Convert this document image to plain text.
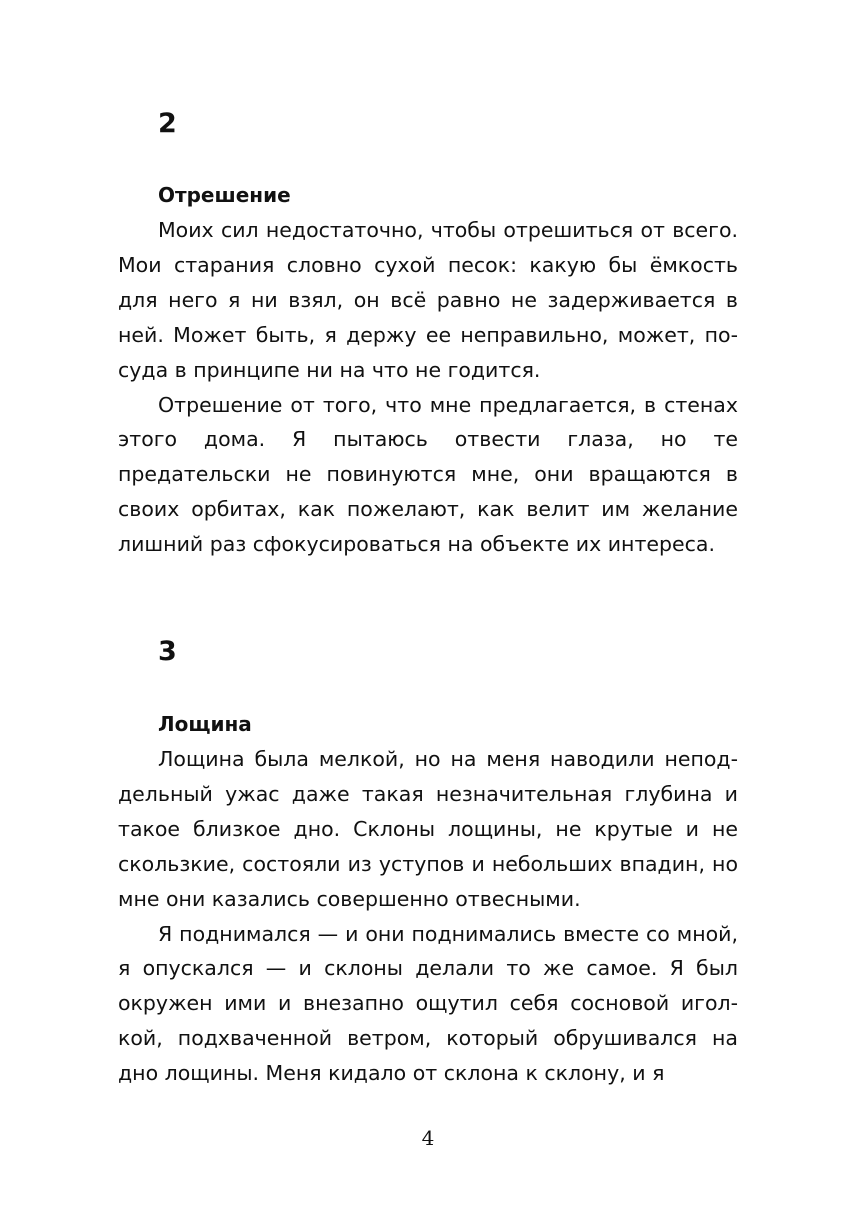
2
Отрешение

Моих сил недостаточно, чтобы отрешиться от всего. Мои старания словно сухой песок: какую бы ёмкость для него я ни взял, он всё равно не задерживается в ней. Может быть, я держу ее неправильно, может, посуда в принципе ни на что не годится.

Отрешение от того, что мне предлагается, в стенах этого дома. Я пытаюсь отвести глаза, но те предательски не повинуются мне, они вращаются в своих орбитах, как пожелают, как велит им желание лишний раз сфокусироваться на объекте их интереса.

3
Лощина

Лощина была мелкой, но на меня наводили неподдельный ужас даже такая незначительная глубина и такое близкое дно. Склоны лощины, не крутые и не скользкие, состояли из уступов и небольших впадин, но мне они казались совершенно отвесными.

Я поднимался — и они поднимались вместе со мной, я опускался — и склоны делали то же самое. Я был окружен ими и внезапно ощутил себя сосновой иголкой, подхваченной ветром, который обрушивался на дно лощины. Меня кидало от склона к склону, и я

4
